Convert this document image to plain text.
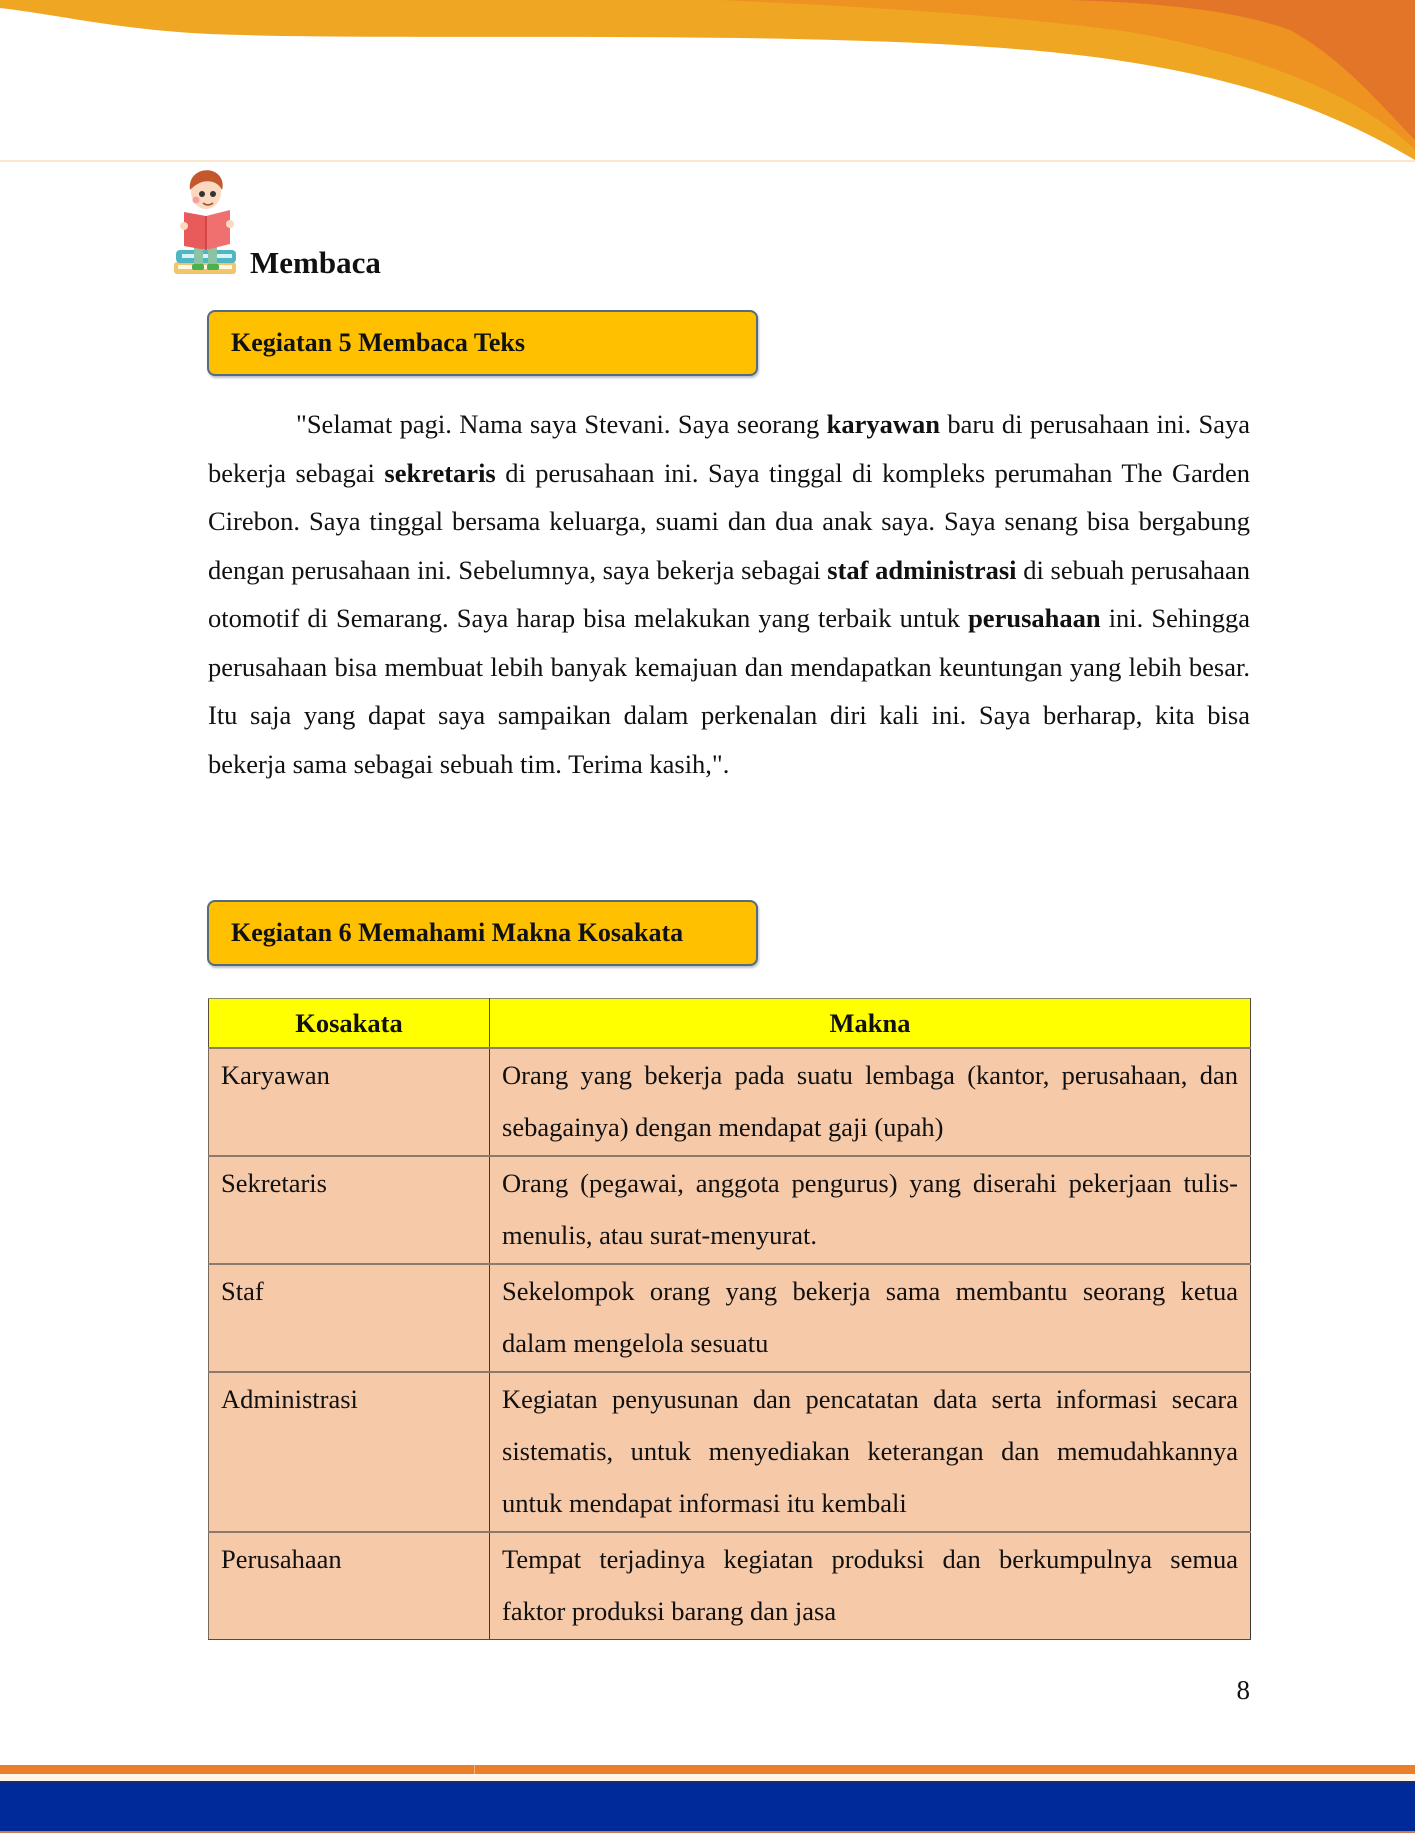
Membaca
Kegiatan 5 Membaca Teks

"Selamat pagi. Nama saya Stevani. Saya seorang karyawan baru di perusahaan ini. Saya bekerja sebagai sekretaris di perusahaan ini. Saya tinggal di kompleks perumahan The Garden Cirebon. Saya tinggal bersama keluarga, suami dan dua anak saya. Saya senang bisa bergabung dengan perusahaan ini. Sebelumnya, saya bekerja sebagai staf administrasi di sebuah perusahaan otomotif di Semarang. Saya harap bisa melakukan yang terbaik untuk perusahaan ini. Sehingga perusahaan bisa membuat lebih banyak kemajuan dan mendapatkan keuntungan yang lebih besar. Itu saja yang dapat saya sampaikan dalam perkenalan diri kali ini. Saya berharap, kita bisa bekerja sama sebagai sebuah tim. Terima kasih,".

Kegiatan 6 Memahami Makna Kosakata
Kosakata	Makna
Karyawan	Orang yang bekerja pada suatu lembaga (kantor, perusahaan, dan sebagainya) dengan mendapat gaji (upah)
Sekretaris	Orang (pegawai, anggota pengurus) yang diserahi pekerjaan tulis-menulis, atau surat-menyurat.
Staf	Sekelompok orang yang bekerja sama membantu seorang ketua dalam mengelola sesuatu
Administrasi	Kegiatan penyusunan dan pencatatan data serta informasi secara sistematis, untuk menyediakan keterangan dan memudahkannya untuk mendapat informasi itu kembali
Perusahaan	Tempat terjadinya kegiatan produksi dan berkumpulnya semua faktor produksi barang dan jasa
8
